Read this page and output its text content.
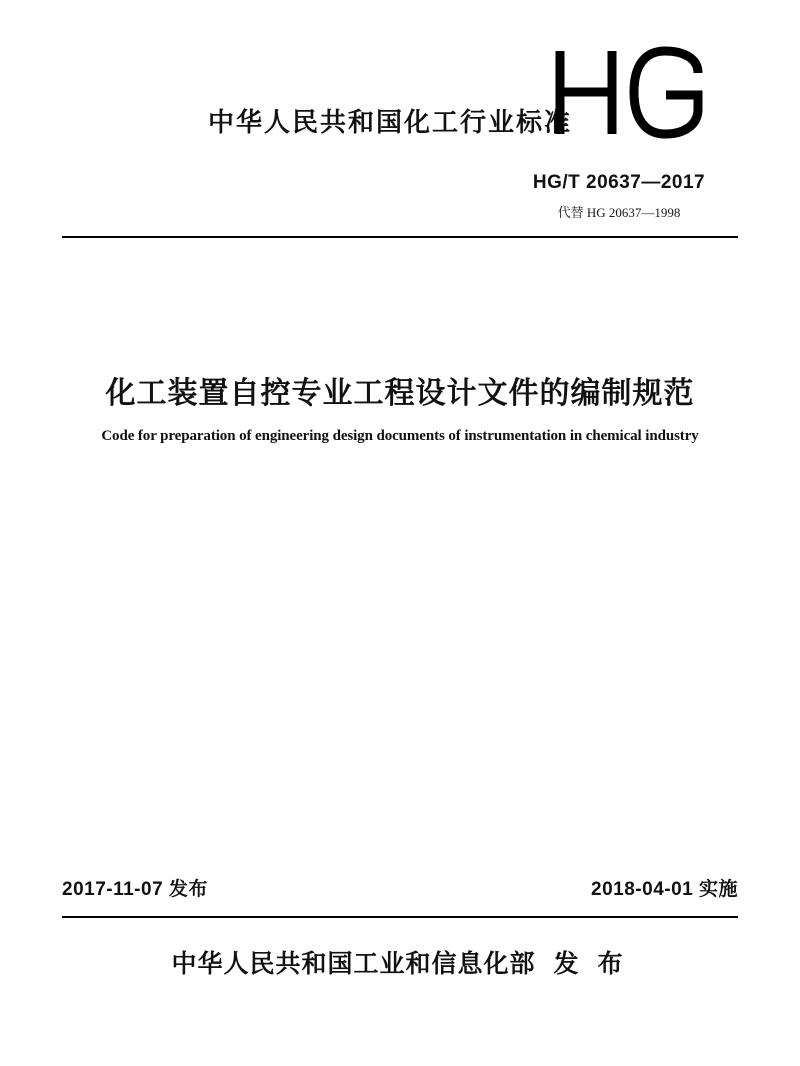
中华人民共和国化工行业标准
HG/T 20637—2017
代替 HG 20637—1998
化工装置自控专业工程设计文件的编制规范
Code for preparation of engineering design documents of instrumentation in chemical industry
2017-11-07 发布	2018-04-01 实施
中华人民共和国工业和信息化部 发 布
